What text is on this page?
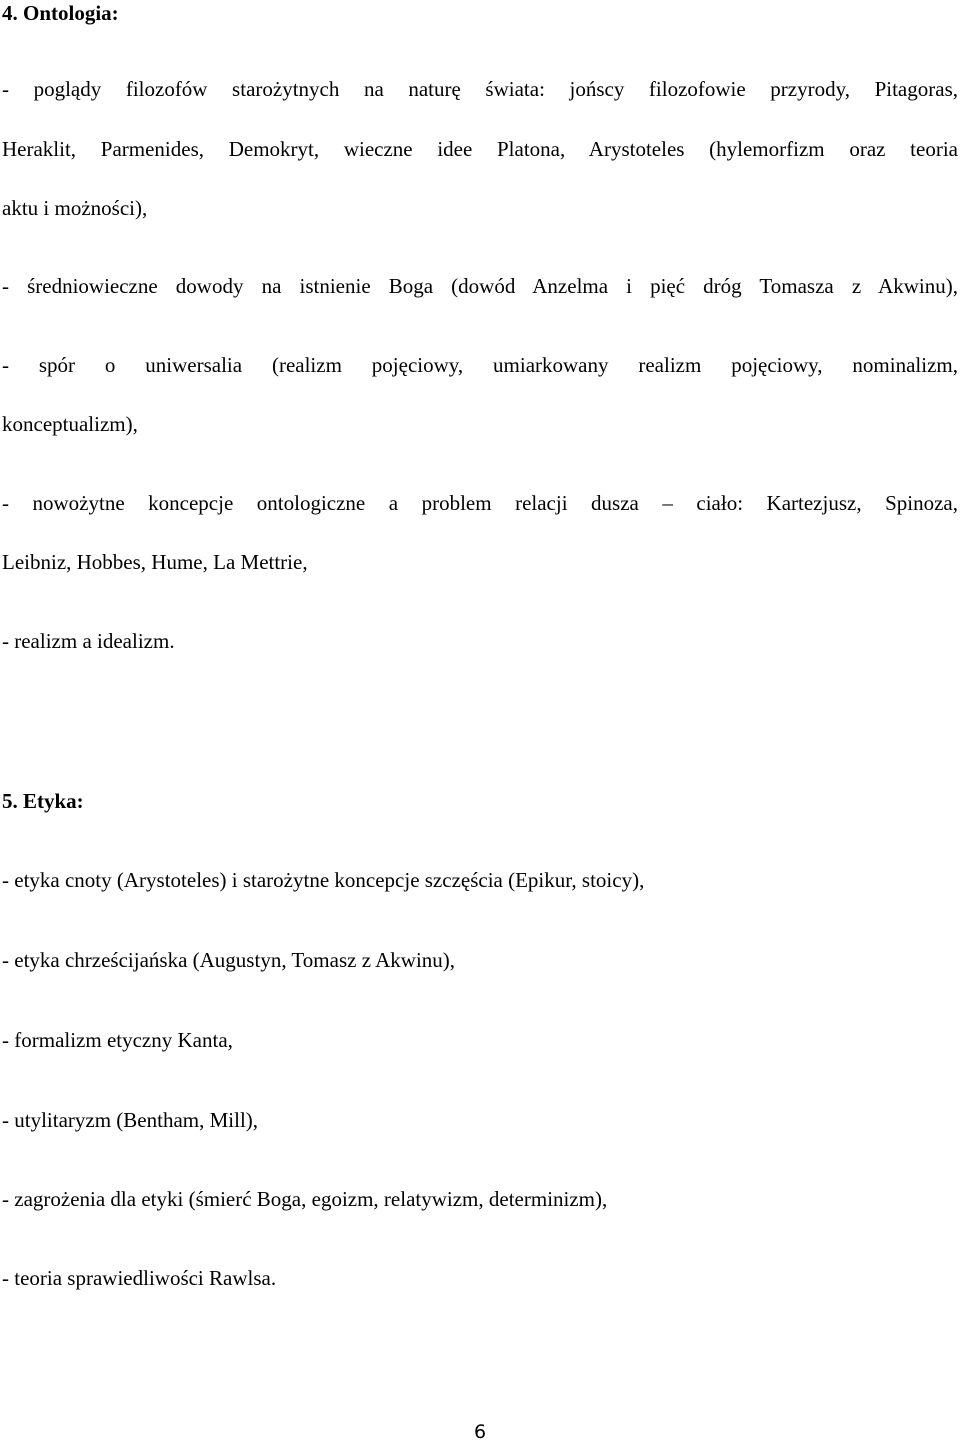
4. Ontologia:

- poglądy filozofów starożytnych na naturę świata: jońscy filozofowie przyrody, Pitagoras,

Heraklit, Parmenides, Demokryt, wieczne idee Platona, Arystoteles (hylemorfizm oraz teoria

aktu i możności),

- średniowieczne dowody na istnienie Boga (dowód Anzelma i pięć dróg Tomasza z Akwinu),

- spór o uniwersalia (realizm pojęciowy, umiarkowany realizm pojęciowy, nominalizm,

konceptualizm),

- nowożytne koncepcje ontologiczne a problem relacji dusza – ciało: Kartezjusz, Spinoza,

Leibniz, Hobbes, Hume, La Mettrie,

- realizm a idealizm.

5. Etyka:

- etyka cnoty (Arystoteles) i starożytne koncepcje szczęścia (Epikur, stoicy),

- etyka chrześcijańska (Augustyn, Tomasz z Akwinu),

- formalizm etyczny Kanta,

- utylitaryzm (Bentham, Mill),

- zagrożenia dla etyki (śmierć Boga, egoizm, relatywizm, determinizm),

- teoria sprawiedliwości Rawlsa.

6
